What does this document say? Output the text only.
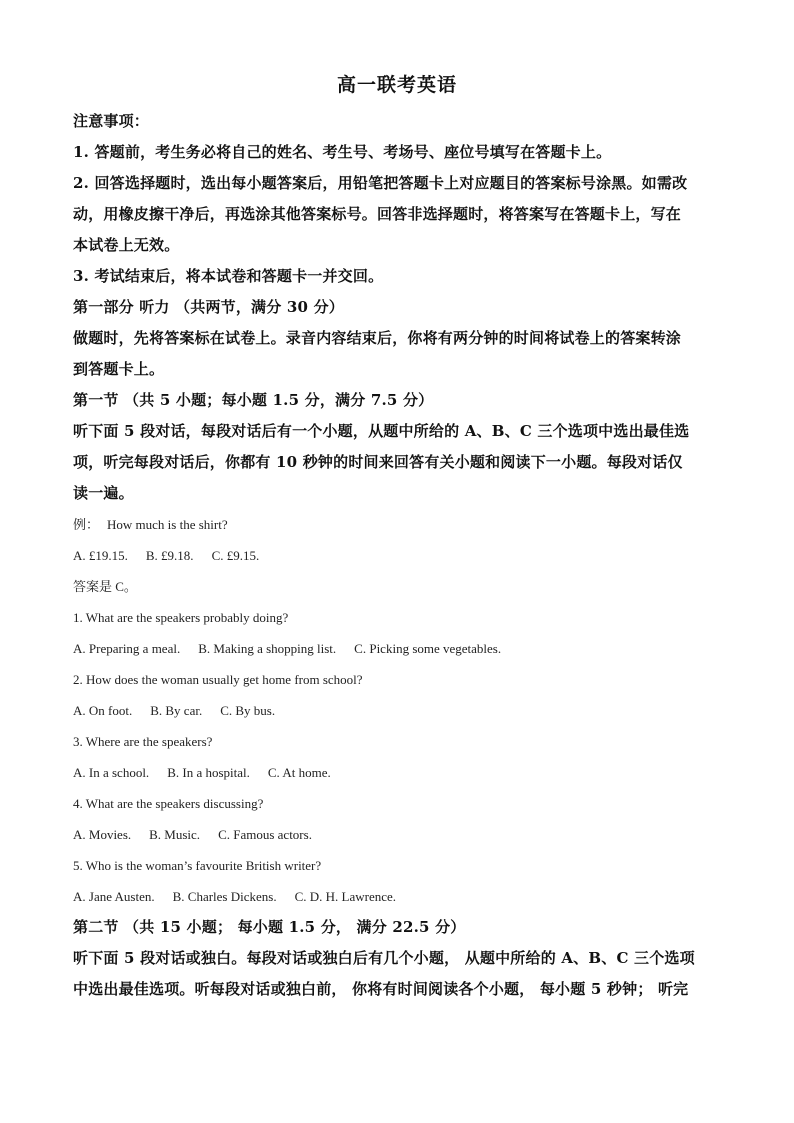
高一联考英语
注意事项：
1. 答题前，考生务必将自己的姓名、考生号、考场号、座位号填写在答题卡上。
2. 回答选择题时，选出每小题答案后，用铅笔把答题卡上对应题目的答案标号涂黑。如需改
动，用橡皮擦干净后，再选涂其他答案标号。回答非选择题时，将答案写在答题卡上，写在
本试卷上无效。
3. 考试结束后，将本试卷和答题卡一并交回。
第一部分 听力 （共两节，满分 30 分）
做题时，先将答案标在试卷上。录音内容结束后，你将有两分钟的时间将试卷上的答案转涂
到答题卡上。
第一节 （共 5 小题；每小题 1.5 分，满分 7.5 分）
听下面 5 段对话，每段对话后有一个小题，从题中所给的 A、B、C 三个选项中选出最佳选
项，听完每段对话后，你都有 10 秒钟的时间来回答有关小题和阅读下一小题。每段对话仅
读一遍。
例： How much is the shirt?
A. £19.15. B. £9.18. C. £9.15.
答案是 C。
1. What are the speakers probably doing?
A. Preparing a meal. B. Making a shopping list. C. Picking some vegetables.
2. How does the woman usually get home from school?
A. On foot. B. By car. C. By bus.
3. Where are the speakers?
A. In a school. B. In a hospital. C. At home.
4. What are the speakers discussing?
A. Movies. B. Music. C. Famous actors.
5. Who is the woman’s favourite British writer?
A. Jane Austen. B. Charles Dickens. C. D. H. Lawrence.
第二节 （共 15 小题； 每小题 1.5 分， 满分 22.5 分）
听下面 5 段对话或独白。每段对话或独白后有几个小题， 从题中所给的 A、B、C 三个选项
中选出最佳选项。听每段对话或独白前， 你将有时间阅读各个小题， 每小题 5 秒钟； 听完
